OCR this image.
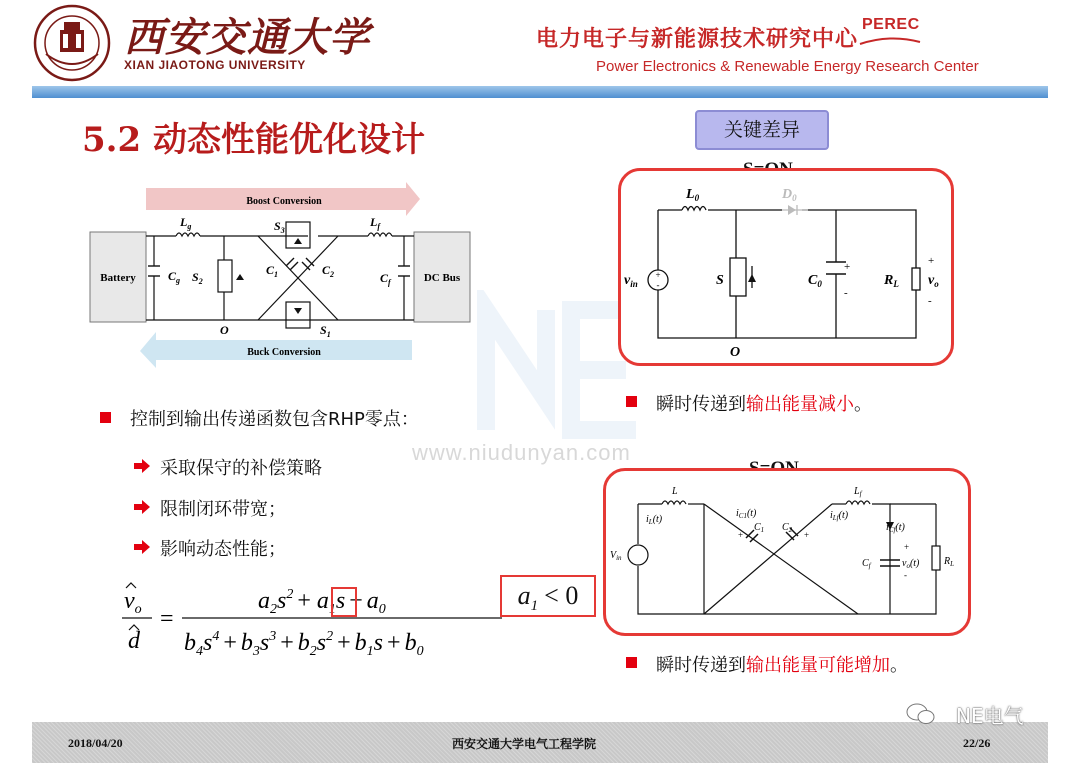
西安交通大学
XIAN JIAOTONG UNIVERSITY
电力电子与新能源技术研究中心
PEREC
Power Electronics & Renewable Energy Research Center
5.2 动态性能优化设计
www.niudunyan.com
Boost Conversion
Buck Conversion
Battery	DC Bus
$L_g$	$L_f$
$S_3$
$S_2$
$S_1$
$C_1$	$C_2$
$C_g$	$C_f$
O
关键差异
+
-
$L_0$	$D_0$
$v_{in}$	S	$C_0$	$R_L$ $v_o$
O
+
-
+
-
瞬时传递到输出能量减小。
L	$L_f$
$i_L(t)$	$i_{Lf}(t)$
$i_{C1}(t)$
$i_{Cf}(t)$
$C_1$ $C_2$
$C_f$
$V_{in}$	$v_o(t)$ $R_L$
+
-
+	+
瞬时传递到输出能量可能增加。
控制到输出传递函数包含RHP零点：
采取保守的补偿策略
限制闭环带宽；
影响动态性能；
$v_o$
d
=
$a_2s^2 + a_1s + a_0$
$b_4s^4 + b_3s^3 + b_2s^2 + b_1s + b_0$
$a_1 < 0$
2018/04/20	西安交通大学电气工程学院	22/26
NE电气
